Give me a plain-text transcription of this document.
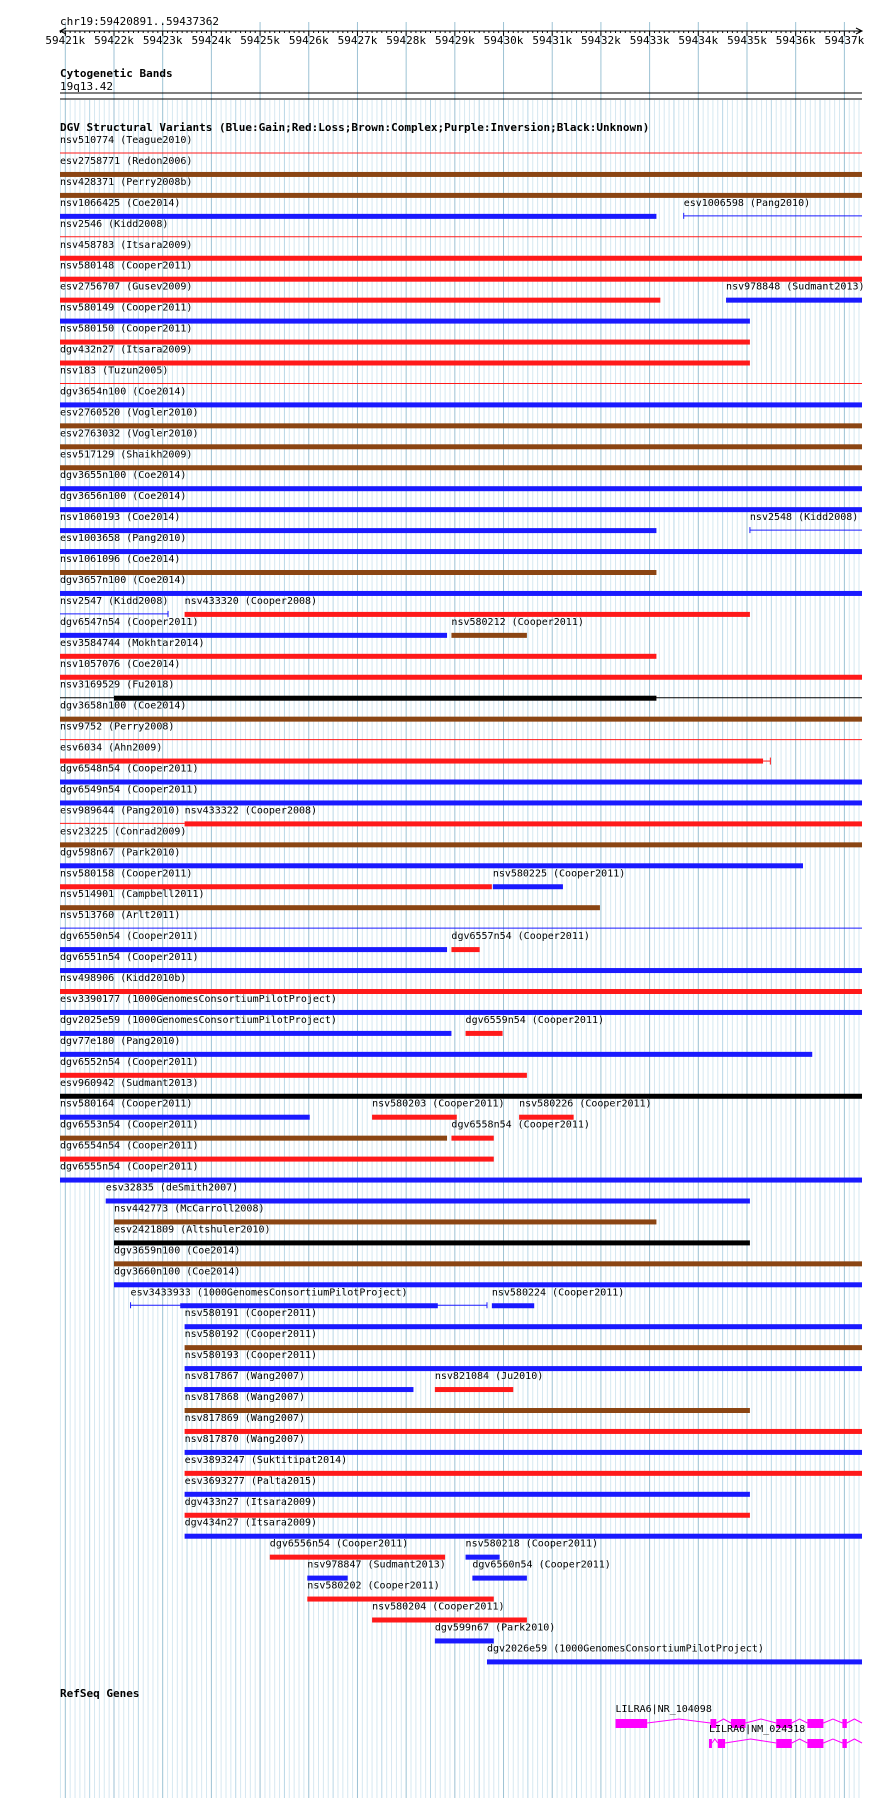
chr19:59420891..59437362
59421k 59422k 59423k 59424k 59425k 59426k 59427k 59428k 59429k 59430k 59431k 59432k 59433k 59434k 59435k 59436k 59437k
Cytogenetic Bands
19q13.42
DGV Structural Variants (Blue:Gain;Red:Loss;Brown:Complex;Purple:Inversion;Black:Unknown)
nsv510774 (Teague2010)
esv2758771 (Redon2006)
nsv428371 (Perry2008b)
nsv1066425 (Coe2014)	esv1006598 (Pang2010)
nsv2546 (Kidd2008)
nsv458783 (Itsara2009)
nsv580148 (Cooper2011)
esv2756707 (Gusev2009)	nsv978848 (Sudmant2013)
nsv580149 (Cooper2011)
nsv580150 (Cooper2011)
dgv432n27 (Itsara2009)
nsv183 (Tuzun2005)
dgv3654n100 (Coe2014)
esv2760520 (Vogler2010)
esv2763032 (Vogler2010)
esv517129 (Shaikh2009)
dgv3655n100 (Coe2014)
dgv3656n100 (Coe2014)
nsv1060193 (Coe2014)	nsv2548 (Kidd2008)
esv1003658 (Pang2010)
nsv1061096 (Coe2014)
dgv3657n100 (Coe2014)
nsv2547 (Kidd2008) nsv433320 (Cooper2008)
dgv6547n54 (Cooper2011)	nsv580212 (Cooper2011)
esv3584744 (Mokhtar2014)
nsv1057076 (Coe2014)
nsv3169529 (Fu2018)
dgv3658n100 (Coe2014)
nsv9752 (Perry2008)
esv6034 (Ahn2009)
dgv6548n54 (Cooper2011)
dgv6549n54 (Cooper2011)
esv989644 (Pang2010) nsv433322 (Cooper2008)
esv23225 (Conrad2009)
dgv598n67 (Park2010)
nsv580158 (Cooper2011)	nsv580225 (Cooper2011)
nsv514901 (Campbell2011)
nsv513760 (Arlt2011)
dgv6550n54 (Cooper2011)	dgv6557n54 (Cooper2011)
dgv6551n54 (Cooper2011)
nsv498906 (Kidd2010b)
esv3390177 (1000GenomesConsortiumPilotProject)
dgv2025e59 (1000GenomesConsortiumPilotProject)	dgv6559n54 (Cooper2011)
dgv77e180 (Pang2010)
dgv6552n54 (Cooper2011)
esv960942 (Sudmant2013)
nsv580164 (Cooper2011)	nsv580203 (Cooper2011) nsv580226 (Cooper2011)
dgv6553n54 (Cooper2011)	dgv6558n54 (Cooper2011)
dgv6554n54 (Cooper2011)
dgv6555n54 (Cooper2011)
esv32835 (deSmith2007)
nsv442773 (McCarroll2008)
esv2421809 (Altshuler2010)
dgv3659n100 (Coe2014)
dgv3660n100 (Coe2014)
esv3433933 (1000GenomesConsortiumPilotProject)	nsv580224 (Cooper2011)
nsv580191 (Cooper2011)
nsv580192 (Cooper2011)
nsv580193 (Cooper2011)
nsv817867 (Wang2007)	nsv821084 (Ju2010)
nsv817868 (Wang2007)
nsv817869 (Wang2007)
nsv817870 (Wang2007)
esv3893247 (Suktitipat2014)
esv3693277 (Palta2015)
dgv433n27 (Itsara2009)
dgv434n27 (Itsara2009)
dgv6556n54 (Cooper2011)	nsv580218 (Cooper2011)
nsv978847 (Sudmant2013)	dgv6560n54 (Cooper2011)
nsv580202 (Cooper2011)
nsv580204 (Cooper2011)
dgv599n67 (Park2010)
dgv2026e59 (1000GenomesConsortiumPilotProject)
RefSeq Genes
LILRA6|NR_104098
LILRA6|NM_024318
